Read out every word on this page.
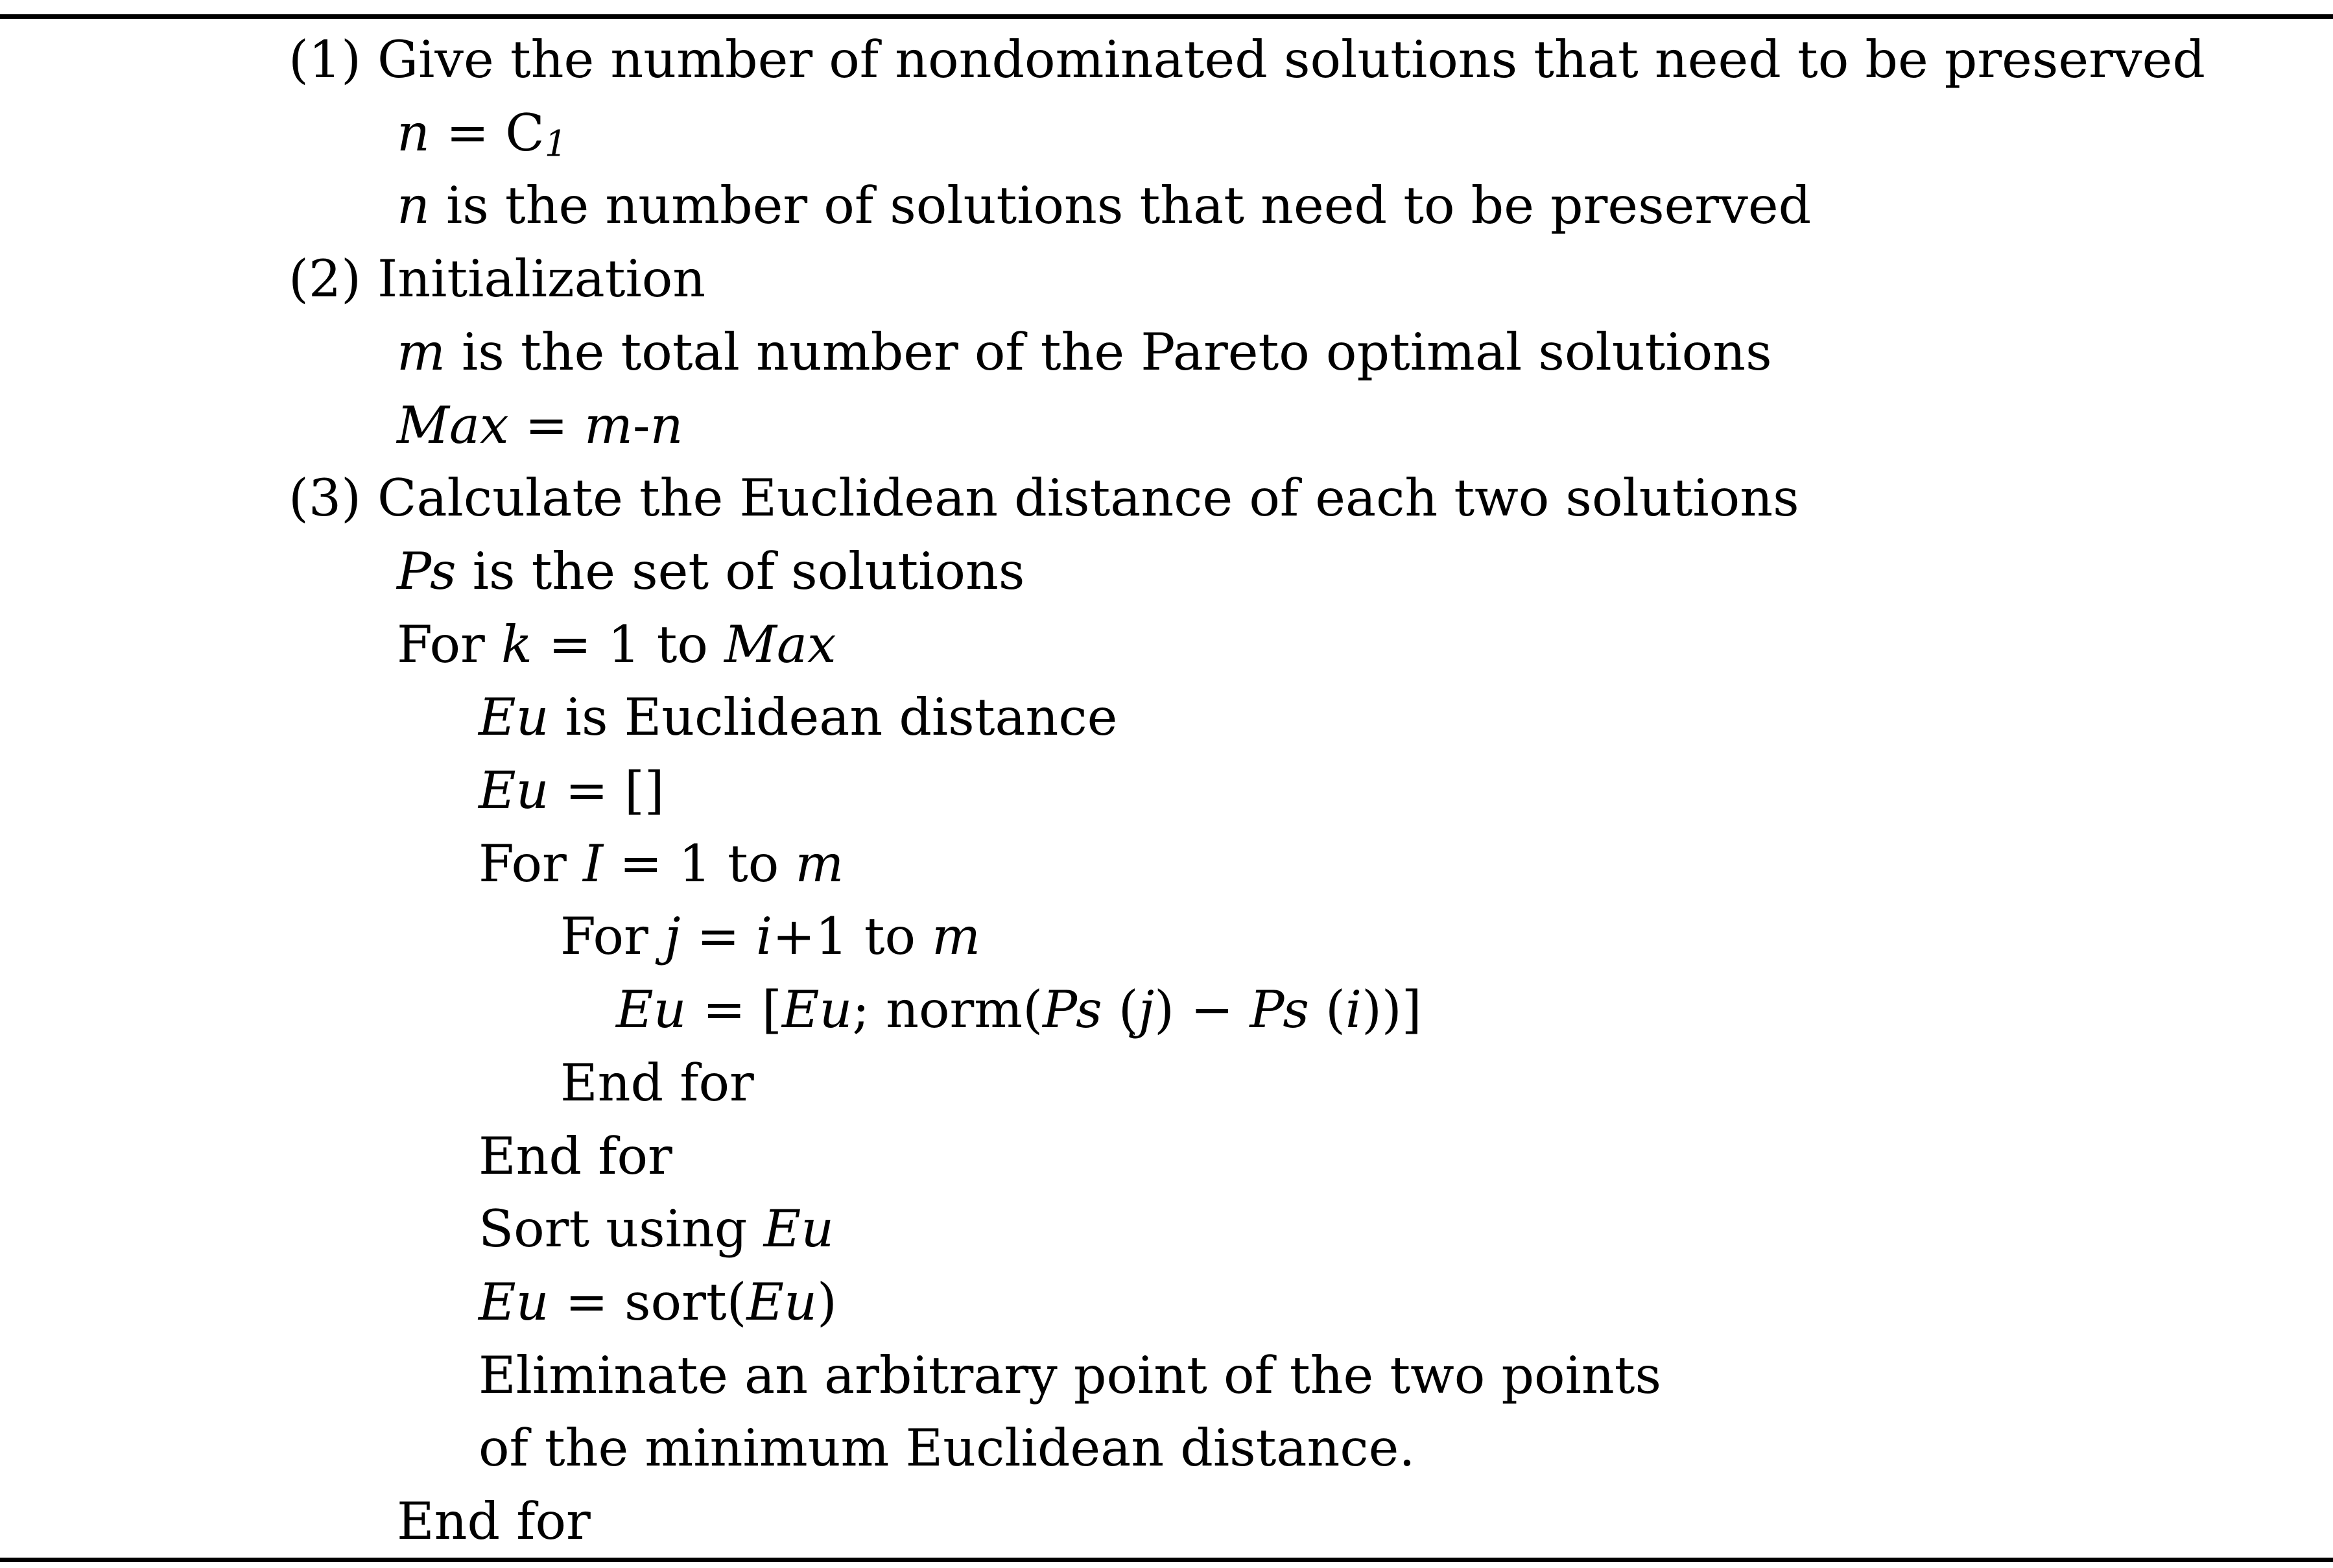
(1) Give the number of nondominated solutions that need to be preserved
$n = C_1$
n is the number of solutions that need to be preserved
(2) Initialization
m is the total number of the Pareto optimal solutions
Max = m-n
(3) Calculate the Euclidean distance of each two solutions
Ps is the set of solutions
For k = 1 to Max
Eu is Euclidean distance
Eu = []
For I = 1 to m
For j = i+1 to m
Eu = [Eu; norm(Ps (j) − Ps (i))]
End for
End for
Sort using Eu
Eu = sort(Eu)
Eliminate an arbitrary point of the two points
of the minimum Euclidean distance.
End for
